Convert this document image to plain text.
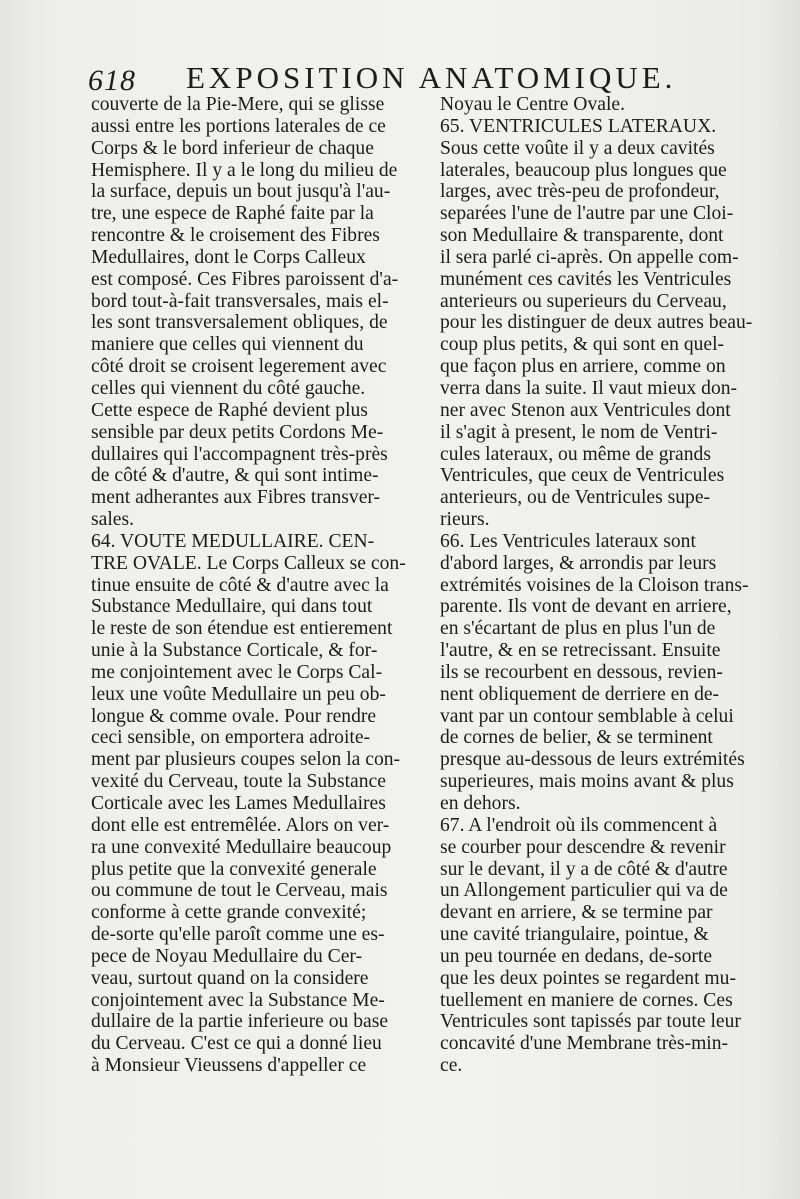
618 EXPOSITION ANATOMIQUE.
couverte de la Pie-Mere, qui se glisse
aussi entre les portions laterales de ce
Corps & le bord inferieur de chaque
Hemisphere. Il y a le long du milieu de
la surface, depuis un bout jusqu'à l'au-
tre, une espece de Raphé faite par la
rencontre & le croisement des Fibres
Medullaires, dont le Corps Calleux
est composé. Ces Fibres paroissent d'a-
bord tout-à-fait transversales, mais el-
les sont transversalement obliques, de
maniere que celles qui viennent du
côté droit se croisent legerement avec
celles qui viennent du côté gauche.
Cette espece de Raphé devient plus
sensible par deux petits Cordons Me-
dullaires qui l'accompagnent très-près
de côté & d'autre, & qui sont intime-
ment adherantes aux Fibres transver-
sales.
64. VOUTE MEDULLAIRE. CEN-
TRE OVALE. Le Corps Calleux se con-
tinue ensuite de côté & d'autre avec la
Substance Medullaire, qui dans tout
le reste de son étendue est entierement
unie à la Substance Corticale, & for-
me conjointement avec le Corps Cal-
leux une voûte Medullaire un peu ob-
longue & comme ovale. Pour rendre
ceci sensible, on emportera adroite-
ment par plusieurs coupes selon la con-
vexité du Cerveau, toute la Substance
Corticale avec les Lames Medullaires
dont elle est entremêlée. Alors on ver-
ra une convexité Medullaire beaucoup
plus petite que la convexité generale
ou commune de tout le Cerveau, mais
conforme à cette grande convexité;
de-sorte qu'elle paroît comme une es-
pece de Noyau Medullaire du Cer-
veau, surtout quand on la considere
conjointement avec la Substance Me-
dullaire de la partie inferieure ou base
du Cerveau. C'est ce qui a donné lieu
à Monsieur Vieussens d'appeller ce
Noyau le Centre Ovale.
65. VENTRICULES LATERAUX.
Sous cette voûte il y a deux cavités
laterales, beaucoup plus longues que
larges, avec très-peu de profondeur,
separées l'une de l'autre par une Cloi-
son Medullaire & transparente, dont
il sera parlé ci-après. On appelle com-
munément ces cavités les Ventricules
anterieurs ou superieurs du Cerveau,
pour les distinguer de deux autres beau-
coup plus petits, & qui sont en quel-
que façon plus en arriere, comme on
verra dans la suite. Il vaut mieux don-
ner avec Stenon aux Ventricules dont
il s'agit à present, le nom de Ventri-
cules lateraux, ou même de grands
Ventricules, que ceux de Ventricules
anterieurs, ou de Ventricules supe-
rieurs.
66. Les Ventricules lateraux sont
d'abord larges, & arrondis par leurs
extrémités voisines de la Cloison trans-
parente. Ils vont de devant en arriere,
en s'écartant de plus en plus l'un de
l'autre, & en se retrecissant. Ensuite
ils se recourbent en dessous, revien-
nent obliquement de derriere en de-
vant par un contour semblable à celui
de cornes de belier, & se terminent
presque au-dessous de leurs extrémités
superieures, mais moins avant & plus
en dehors.
67. A l'endroit où ils commencent à
se courber pour descendre & revenir
sur le devant, il y a de côté & d'autre
un Allongement particulier qui va de
devant en arriere, & se termine par
une cavité triangulaire, pointue, &
un peu tournée en dedans, de-sorte
que les deux pointes se regardent mu-
tuellement en maniere de cornes. Ces
Ventricules sont tapissés par toute leur
concavité d'une Membrane très-min-
ce.
